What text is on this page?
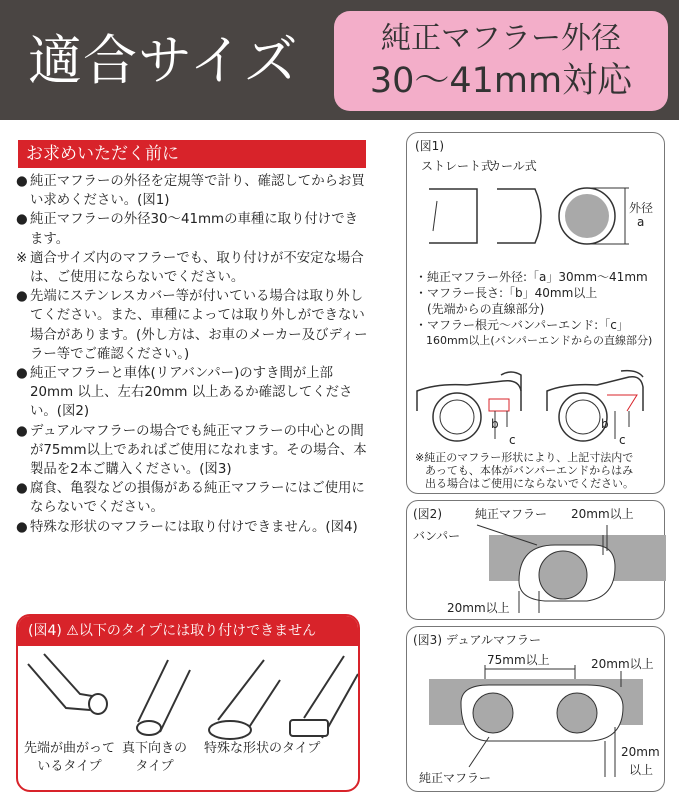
適合サイズ	純正マフラー外径
30〜41mm対応
お求めいただく前に
● 純正マフラーの外径を定規等で計り、確認してからお買い求めください。(図1)
● 純正マフラーの外径30〜41mmの車種に取り付けできます。
※ 適合サイズ内のマフラーでも、取り付けが不安定な場合は、ご使用にならないでください。
● 先端にステンレスカバー等が付いている場合は取り外してください。また、車種によっては取り外しができない場合があります。(外し方は、お車のメーカー及びディーラー等でご確認ください。)
● 純正マフラーと車体(リアバンパー)のすき間が上部20mm 以上、左右20mm 以上あるか確認してください。(図2)
● デュアルマフラーの場合でも純正マフラーの中心との間が75mm以上であればご使用になれます。その場合、本製品を2本ご購入ください。(図3)
● 腐食、亀裂などの損傷がある純正マフラーにはご使用にならないでください。
● 特殊な形状のマフラーには取り付けできません。(図4)
(図4) ⚠以下のタイプには取り付けできません
先端が曲がって
いるタイプ
真下向きの
タイプ
特殊な形状のタイプ
(図1)
ストレート式
カール式
外径
a
・純正マフラー外径:「a」30mm〜41mm
・マフラー長さ:「b」40mm以上
　(先端からの直線部分)
・マフラー根元〜バンパーエンド:「c」
　160mm以上(バンパーエンドからの直線部分)
b
c
b
c
※純正のマフラー形状により、上記寸法内で
あっても、本体がバンパーエンドからはみ
出る場合はご使用にならないでください。
(図2)	純正マフラー
バンパー
20mm以上
20mm以上
(図3) デュアルマフラー
75mm以上	20mm以上
20mm
以上
純正マフラー
